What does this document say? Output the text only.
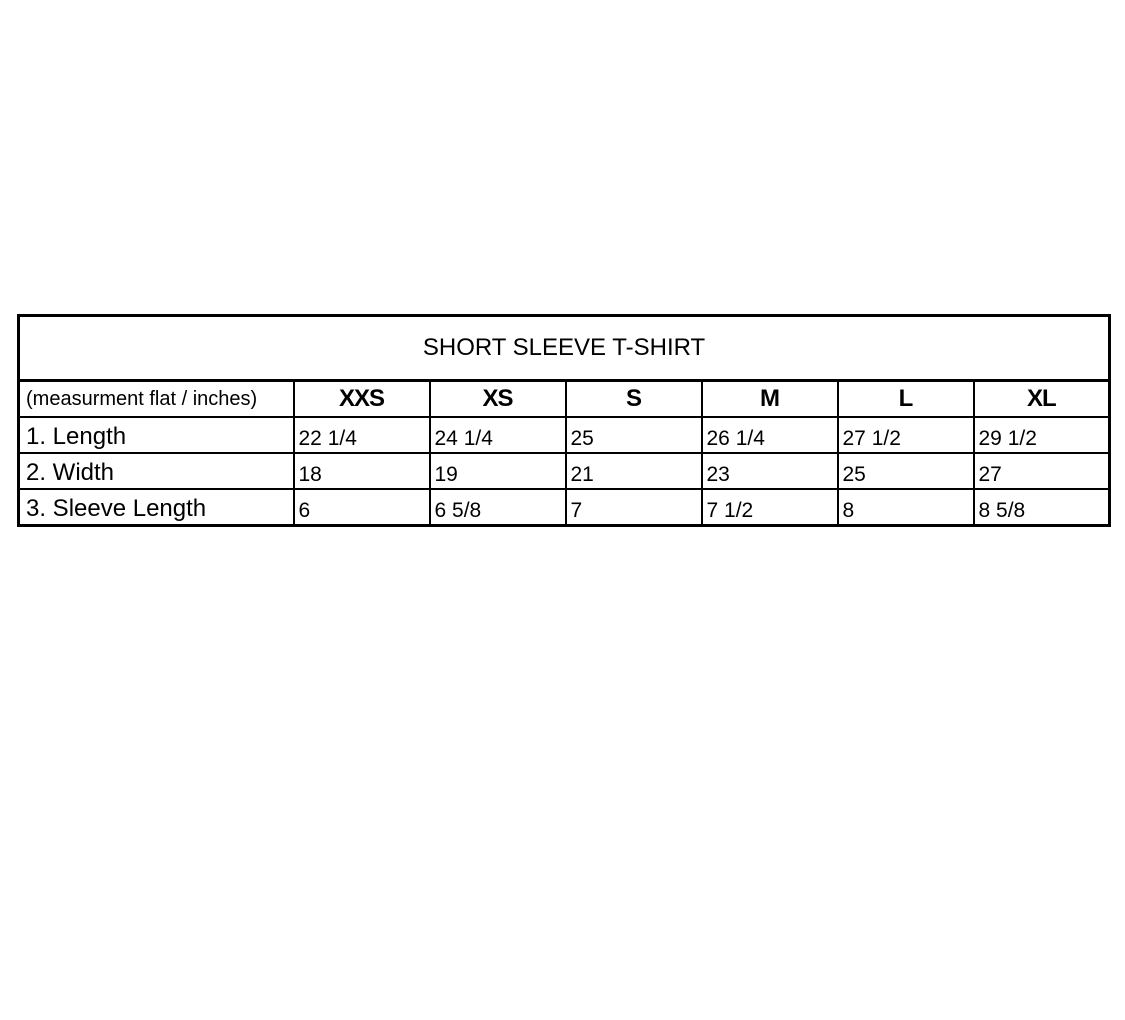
SHORT SLEEVE T-SHIRT						
(measurment flat / inches)	XXS	XS	S	M	L	XL
1. Length	22 1/4	24 1/4	25	26 1/4	27 1/2	29 1/2
2. Width	18	19	21	23	25	27
3. Sleeve Length	6	6 5/8	7	7 1/2	8	8 5/8
